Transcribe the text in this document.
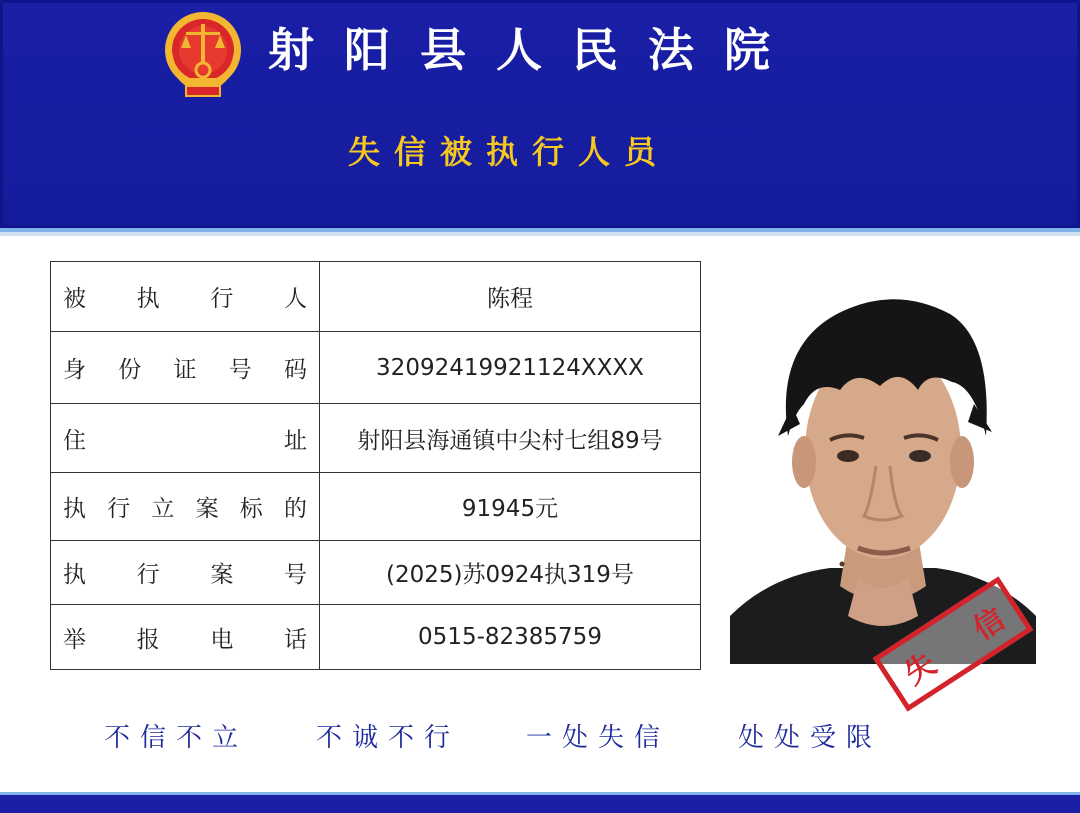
射阳县人民法院
失信被执行人员
被执行人	陈程
身份证号码	32092419921124XXXX
住址	射阳县海通镇中尖村七组89号
执行立案标的	91945元
执行案号	(2025)苏0924执319号
举报电话	0515-82385759
失
信
不信不立	不诚不行	一处失信	处处受限
